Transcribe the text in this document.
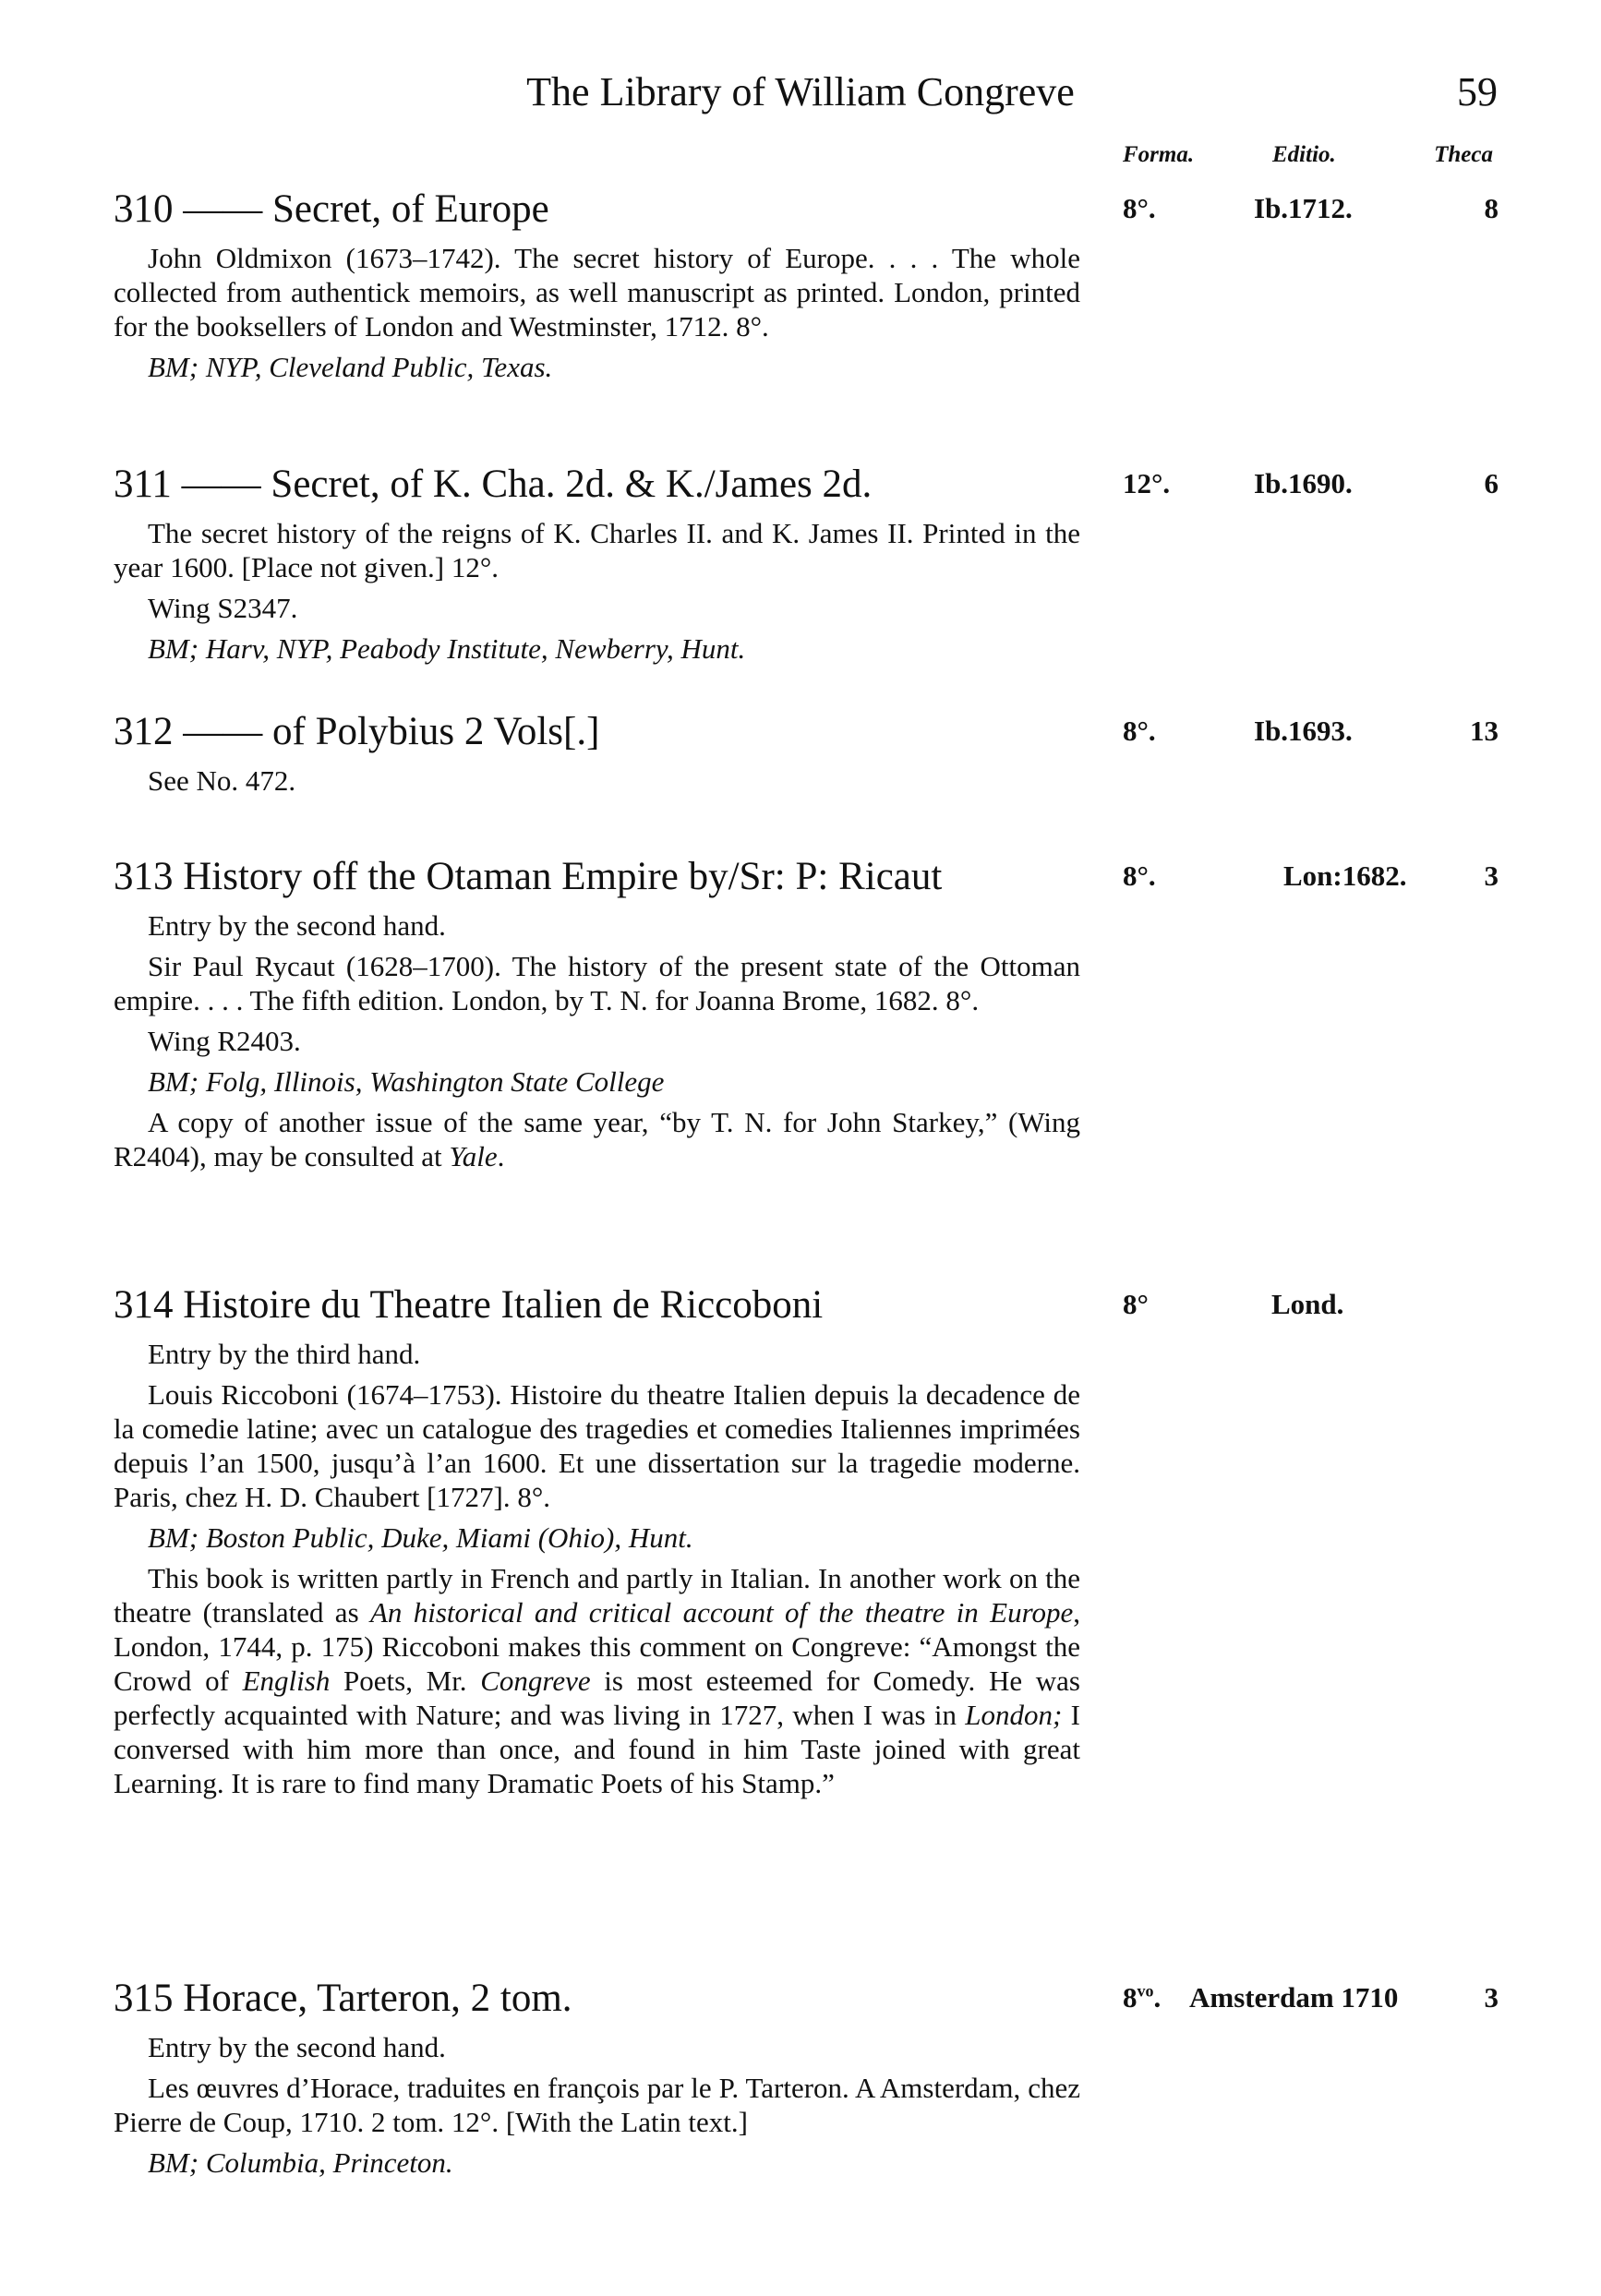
The Library of William Congreve	59
Forma.	Editio.	Theca
310 —— Secret, of Europe	8°.	Ib.1712.	8
John Oldmixon (1673–1742). The secret history of Europe. . . . The whole collected from authentick memoirs, as well manuscript as printed. London, printed for the booksellers of London and Westminster, 1712. 8°.
BM; NYP, Cleveland Public, Texas.
311 —— Secret, of K. Cha. 2d. & K./James 2d.	12°.	Ib.1690.	6
The secret history of the reigns of K. Charles II. and K. James II. Printed in the year 1600. [Place not given.] 12°.
Wing S2347.
BM; Harv, NYP, Peabody Institute, Newberry, Hunt.
312 —— of Polybius 2 Vols[.]	8°.	Ib.1693.	13
See No. 472.
313 History off the Otaman Empire by/Sr: P: Ricaut	8°.	Lon:1682.	3
Entry by the second hand.
Sir Paul Rycaut (1628–1700). The history of the present state of the Ottoman empire. . . . The fifth edition. London, by T. N. for Joanna Brome, 1682. 8°.
Wing R2403.
BM; Folg, Illinois, Washington State College
A copy of another issue of the same year, “by T. N. for John Starkey,” (Wing R2404), may be consulted at Yale.
314 Histoire du Theatre Italien de Riccoboni	8°	Lond.
Entry by the third hand.
Louis Riccoboni (1674–1753). Histoire du theatre Italien depuis la decadence de la comedie latine; avec un catalogue des tragedies et comedies Italiennes imprimées depuis l’an 1500, jusqu’à l’an 1600. Et une dissertation sur la tragedie moderne. Paris, chez H. D. Chaubert [1727]. 8°.
BM; Boston Public, Duke, Miami (Ohio), Hunt.
This book is written partly in French and partly in Italian. In another work on the theatre (translated as An historical and critical account of the theatre in Europe, London, 1744, p. 175) Riccoboni makes this comment on Congreve: “Amongst the Crowd of English Poets, Mr. Congreve is most esteemed for Comedy. He was perfectly acquainted with Nature; and was living in 1727, when I was in London; I conversed with him more than once, and found in him Taste joined with great Learning. It is rare to find many Dramatic Poets of his Stamp.”
315 Horace, Tarteron, 2 tom.	$8^{vo}$. Amsterdam 1710	3
Entry by the second hand.
Les œuvres d’Horace, traduites en françois par le P. Tarteron. A Amsterdam, chez Pierre de Coup, 1710. 2 tom. 12°. [With the Latin text.]
BM; Columbia, Princeton.
